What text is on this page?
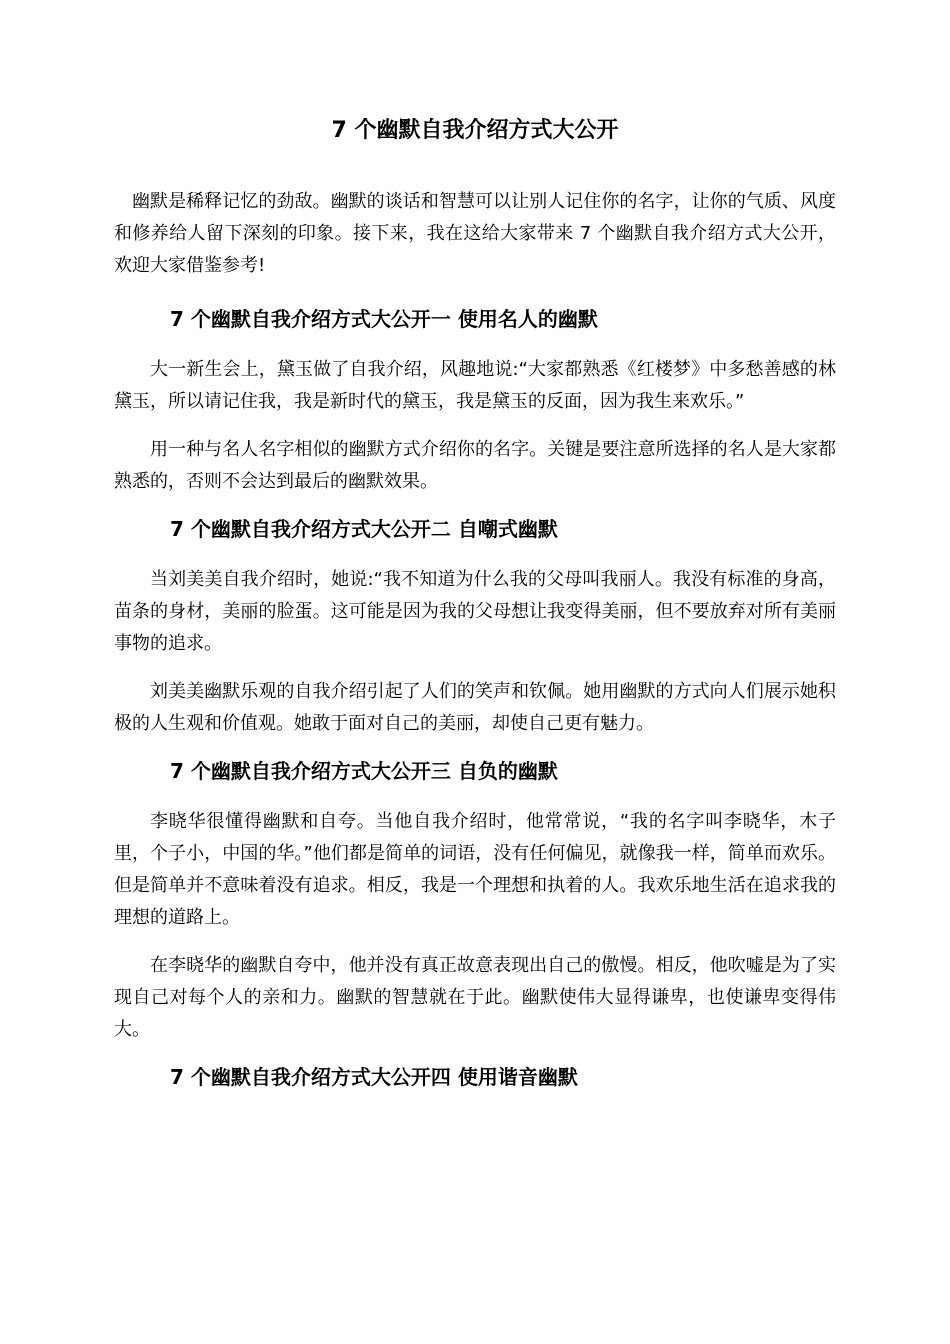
7 个幽默自我介绍方式大公开

幽默是稀释记忆的劲敌。幽默的谈话和智慧可以让别人记住你的名字，让你的气质、风度和修养给人留下深刻的印象。接下来，我在这给大家带来 7 个幽默自我介绍方式大公开，欢迎大家借鉴参考!

7 个幽默自我介绍方式大公开一 使用名人的幽默

大一新生会上，黛玉做了自我介绍，风趣地说:“大家都熟悉《红楼梦》中多愁善感的林黛玉，所以请记住我，我是新时代的黛玉，我是黛玉的反面，因为我生来欢乐。”

用一种与名人名字相似的幽默方式介绍你的名字。关键是要注意所选择的名人是大家都熟悉的，否则不会达到最后的幽默效果。

7 个幽默自我介绍方式大公开二 自嘲式幽默

当刘美美自我介绍时，她说:“我不知道为什么我的父母叫我丽人。我没有标准的身高，苗条的身材，美丽的脸蛋。这可能是因为我的父母想让我变得美丽，但不要放弃对所有美丽事物的追求。

刘美美幽默乐观的自我介绍引起了人们的笑声和钦佩。她用幽默的方式向人们展示她积极的人生观和价值观。她敢于面对自己的美丽，却使自己更有魅力。

7 个幽默自我介绍方式大公开三 自负的幽默

李晓华很懂得幽默和自夸。当他自我介绍时，他常常说，“我的名字叫李晓华，木子里，个子小，中国的华。”他们都是简单的词语，没有任何偏见，就像我一样，简单而欢乐。但是简单并不意味着没有追求。相反，我是一个理想和执着的人。我欢乐地生活在追求我的理想的道路上。

在李晓华的幽默自夸中，他并没有真正故意表现出自己的傲慢。相反，他吹嘘是为了实现自己对每个人的亲和力。幽默的智慧就在于此。幽默使伟大显得谦卑，也使谦卑变得伟大。

7 个幽默自我介绍方式大公开四 使用谐音幽默
